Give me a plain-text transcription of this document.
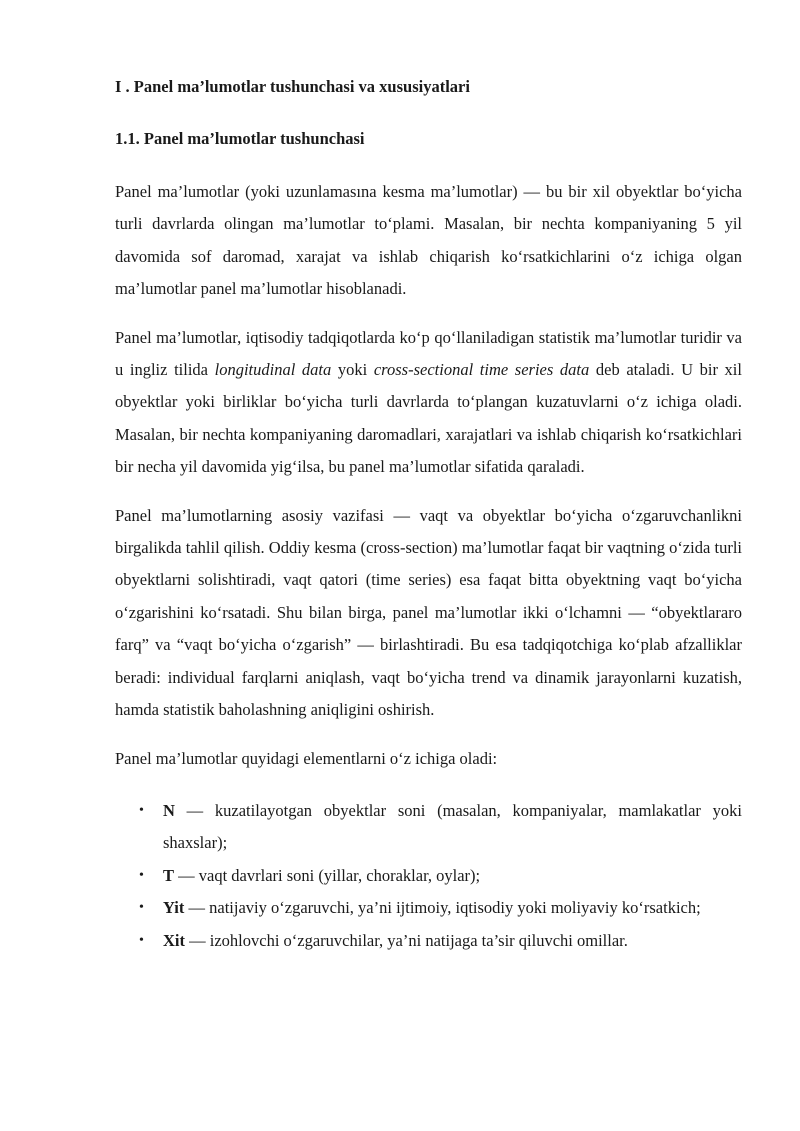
I . Panel ma’lumotlar tushunchasi va xususiyatlari
1.1. Panel ma’lumotlar tushunchasi

Panel ma’lumotlar (yoki uzunlamasına kesma ma’lumotlar) — bu bir xil obyektlar bo‘yicha turli davrlarda olingan ma’lumotlar to‘plami. Masalan, bir nechta kompaniyaning 5 yil davomida sof daromad, xarajat va ishlab chiqarish ko‘rsatkichlarini o‘z ichiga olgan ma’lumotlar panel ma’lumotlar hisoblanadi.

Panel ma’lumotlar, iqtisodiy tadqiqotlarda ko‘p qo‘llaniladigan statistik ma’lumotlar turidir va u ingliz tilida longitudinal data yoki cross-sectional time series data deb ataladi. U bir xil obyektlar yoki birliklar bo‘yicha turli davrlarda to‘plangan kuzatuvlarni o‘z ichiga oladi. Masalan, bir nechta kompaniyaning daromadlari, xarajatlari va ishlab chiqarish ko‘rsatkichlari bir necha yil davomida yig‘ilsa, bu panel ma’lumotlar sifatida qaraladi.

Panel ma’lumotlarning asosiy vazifasi — vaqt va obyektlar bo‘yicha o‘zgaruvchanlikni birgalikda tahlil qilish. Oddiy kesma (cross-section) ma’lumotlar faqat bir vaqtning o‘zida turli obyektlarni solishtiradi, vaqt qatori (time series) esa faqat bitta obyektning vaqt bo‘yicha o‘zgarishini ko‘rsatadi. Shu bilan birga, panel ma’lumotlar ikki o‘lchamni — “obyektlararo farq” va “vaqt bo‘yicha o‘zgarish” — birlashtiradi. Bu esa tadqiqotchiga ko‘plab afzalliklar beradi: individual farqlarni aniqlash, vaqt bo‘yicha trend va dinamik jarayonlarni kuzatish, hamda statistik baholashning aniqligini oshirish.

Panel ma’lumotlar quyidagi elementlarni o‘z ichiga oladi:

• N — kuzatilayotgan obyektlar soni (masalan, kompaniyalar, mamlakatlar yoki shaxslar);
• T — vaqt davrlari soni (yillar, choraklar, oylar);
• Yit — natijaviy o‘zgaruvchi, ya’ni ijtimoiy, iqtisodiy yoki moliyaviy ko‘rsatkich;
• Xit — izohlovchi o‘zgaruvchilar, ya’ni natijaga ta’sir qiluvchi omillar.
